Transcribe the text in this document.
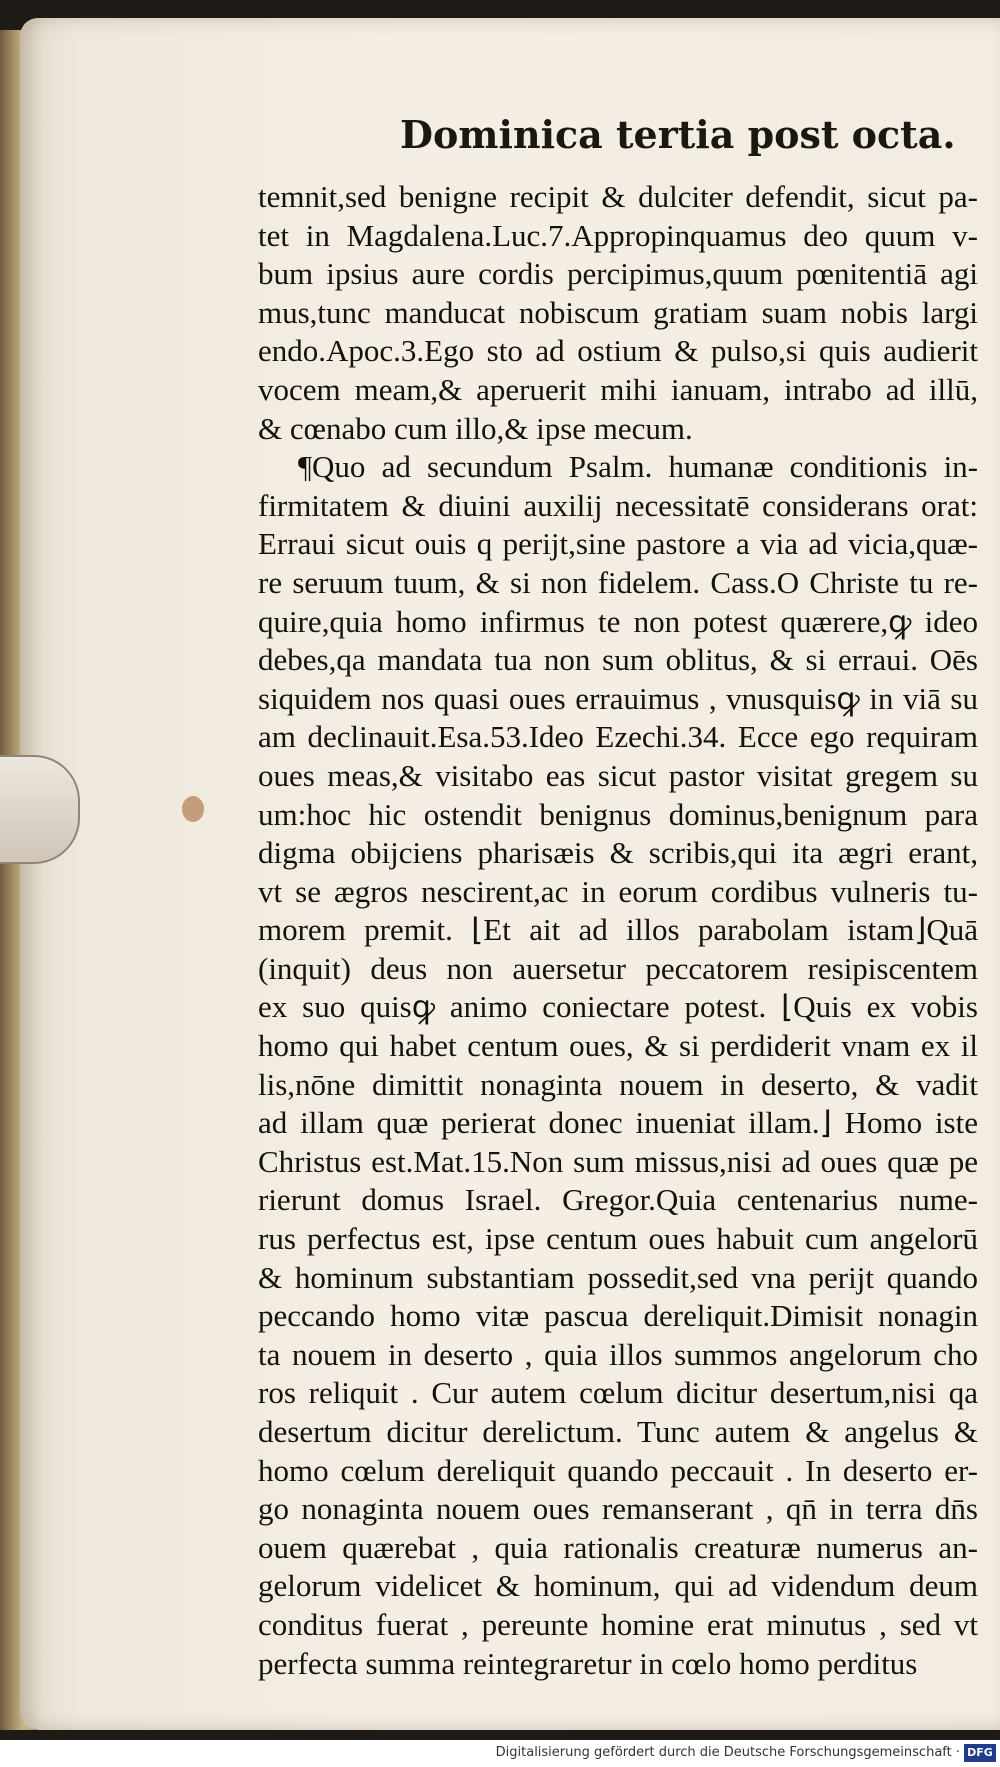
Dominica tertia post octa.
temnit,sed benigne recipit & dulciter defendit, sicut pa-
tet in Magdalena.Luc.7.Appropinquamus deo quum v-
bum ipsius aure cordis percipimus,quum pœnitentiā agi
mus,tunc manducat nobiscum gratiam suam nobis largi
endo.Apoc.3.Ego sto ad ostium & pulso,si quis audierit
vocem meam,& aperuerit mihi ianuam, intrabo ad illū,
& cœnabo cum illo,& ipse mecum.
¶Quo ad secundum Psalm. humanæ conditionis in-
firmitatem & diuini auxilij necessitatē considerans orat:
Erraui sicut ouis q perijt,sine pastore a via ad vicia,quæ-
re seruum tuum, & si non fidelem. Cass.O Christe tu re-
quire,quia homo infirmus te non potest quærere,ꝙ ideo
debes,qa mandata tua non sum oblitus, & si erraui. Oēs
siquidem nos quasi oues errauimus , vnusquisꝙ in viā su
am declinauit.Esa.53.Ideo Ezechi.34. Ecce ego requiram
oues meas,& visitabo eas sicut pastor visitat gregem su
um:hoc hic ostendit benignus dominus,benignum para
digma obijciens pharisæis & scribis,qui ita ægri erant,
vt se ægros nescirent,ac in eorum cordibus vulneris tu-
morem premit. ⌊Et ait ad illos parabolam istam⌋Quā
(inquit) deus non auersetur peccatorem resipiscentem
ex suo quisꝙ animo coniectare potest. ⌊Quis ex vobis
homo qui habet centum oues, & si perdiderit vnam ex il
lis,nōne dimittit nonaginta nouem in deserto, & vadit
ad illam quæ perierat donec inueniat illam.⌋ Homo iste
Christus est.Mat.15.Non sum missus,nisi ad oues quæ pe
rierunt domus Israel. Gregor.Quia centenarius nume-
rus perfectus est, ipse centum oues habuit cum angelorū
& hominum substantiam possedit,sed vna perijt quando
peccando homo vitæ pascua dereliquit.Dimisit nonagin
ta nouem in deserto , quia illos summos angelorum cho
ros reliquit . Cur autem cœlum dicitur desertum,nisi qa
desertum dicitur derelictum. Tunc autem & angelus &
homo cœlum dereliquit quando peccauit . In deserto er-
go nonaginta nouem oues remanserant , qn̄ in terra dn̄s
ouem quærebat , quia rationalis creaturæ numerus an-
gelorum videlicet & hominum, qui ad videndum deum
conditus fuerat , pereunte homine erat minutus , sed vt
perfecta summa reintegraretur in cœlo homo perditus
Digitalisierung gefördert durch die Deutsche Forschungsgemeinschaft · DFG
